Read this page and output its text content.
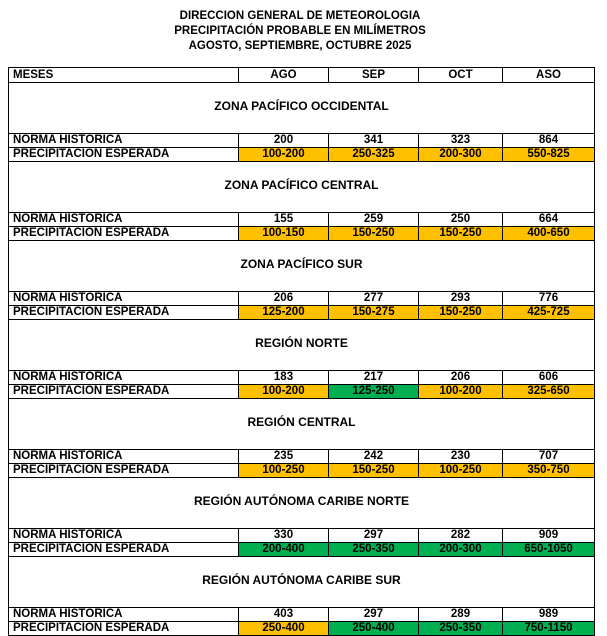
DIRECCION GENERAL DE METEOROLOGIA
PRECIPITACIÓN PROBABLE EN MILÍMETROS
AGOSTO, SEPTIEMBRE, OCTUBRE 2025
MESES	AGO	SEP	OCT	ASO
ZONA PACÍFICO OCCIDENTAL				
NORMA HISTÓRICA	200	341	323	864
PRECIPITACIÓN ESPERADA	100-200	250-325	200-300	550-825
ZONA PACÍFICO CENTRAL				
NORMA HISTÓRICA	155	259	250	664
PRECIPITACIÓN ESPERADA	100-150	150-250	150-250	400-650
ZONA PACÍFICO SUR				
NORMA HISTÓRICA	206	277	293	776
PRECIPITACIÓN ESPERADA	125-200	150-275	150-250	425-725
REGIÓN NORTE				
NORMA HISTÓRICA	183	217	206	606
PRECIPITACIÓN ESPERADA	100-200	125-250	100-200	325-650
REGIÓN CENTRAL				
NORMA HISTÓRICA	235	242	230	707
PRECIPITACIÓN ESPERADA	100-250	150-250	100-250	350-750
REGIÓN AUTÓNOMA CARIBE NORTE				
NORMA HISTÓRICA	330	297	282	909
PRECIPITACIÓN ESPERADA	200-400	250-350	200-300	650-1050
REGIÓN AUTÓNOMA CARIBE SUR				
NORMA HISTÓRICA	403	297	289	989
PRECIPITACIÓN ESPERADA	250-400	250-400	250-350	750-1150
